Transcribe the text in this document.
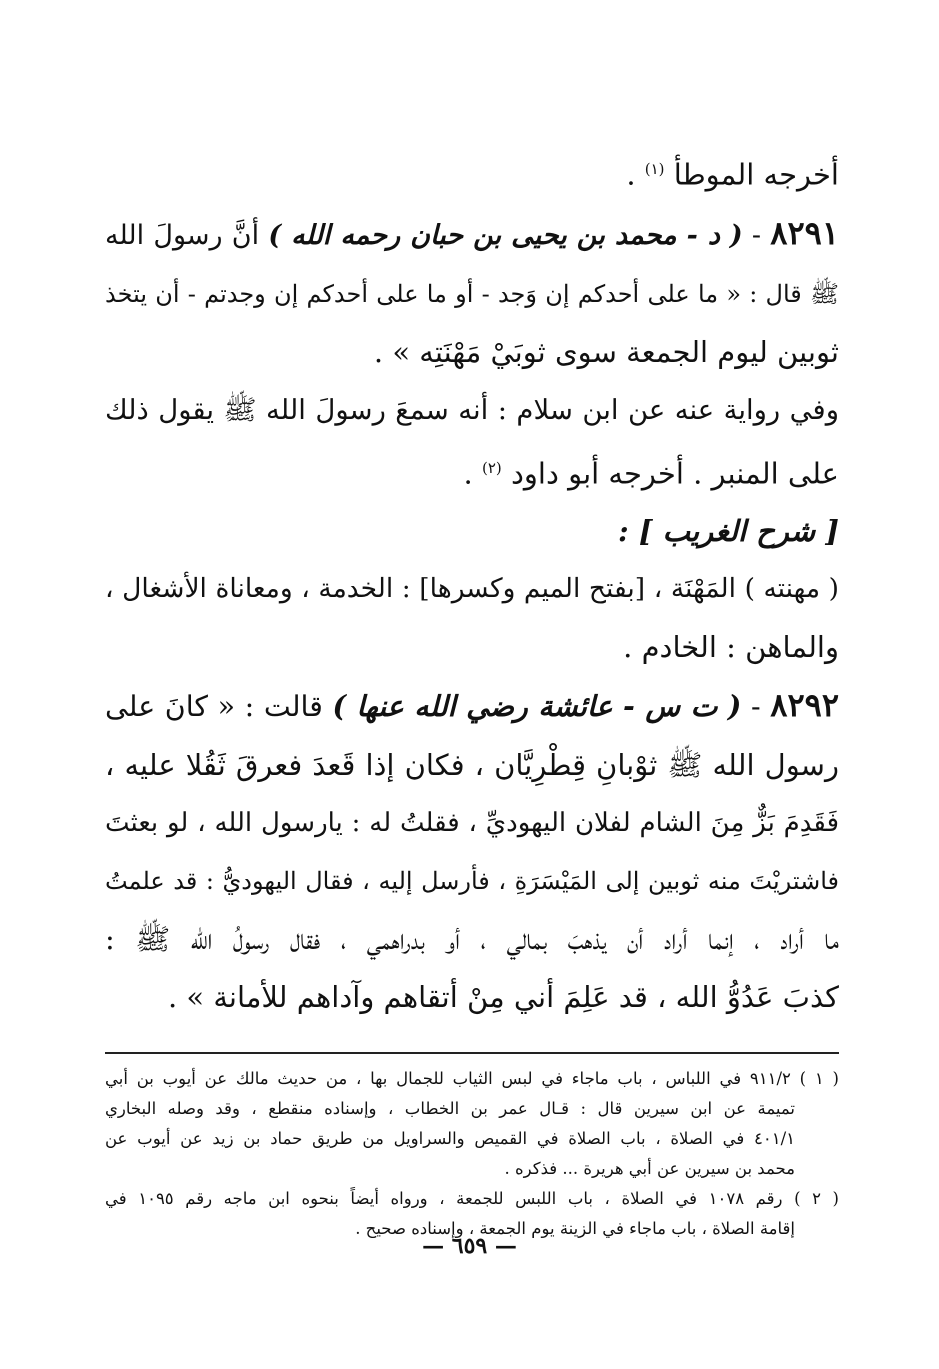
أخرجه الموطأ $^{(١)}$ .
٨٢٩١ - ( د - محمد بن يحيى بن حبان رحمه الله ) أنَّ رسولَ الله
ﷺ قال : « ما على أحدكم إن وَجد - أو ما على أحدكم إن وجدتم - أن يتخذ
ثوبين ليوم الجمعة سوى ثوبَيْ مَهْنَتِه » .
وفي رواية عنه عن ابن سلام : أنه سمعَ رسولَ الله ﷺ يقول ذلك
على المنبر . أخرجه أبو داود $^{(٢)}$ .
[ شرح الغريب ] :
( مهنته ) المَهْنَة ، [بفتح الميم وكسرها] : الخدمة ، ومعاناة الأشغال ،
والماهن : الخادم .
٨٢٩٢ - ( ت س - عائشة رضي الله عنها ) قالت : « كانَ على
رسول الله ﷺ ثوْبانِ قِطْرِيَّان ، فكان إذا قَعدَ فعرقَ ثَقُلا عليه ،
فَقَدِمَ بَزٌّ مِنَ الشام لفلان اليهوديِّ ، فقلتُ له : يارسول الله ، لو بعثتَ
فاشتريْتَ منه ثوبين إلى المَيْسَرَةِ ، فأرسل إليه ، فقال اليهوديُّ : قد علمتُ
ما أراد ، إنما أراد أن يذهبَ بمالي ، أو بدراهمي ، فقال رسولُ الله ﷺ :
كذبَ عَدُوُّ الله ، قد عَلِمَ أني مِنْ أتقاهم وآداهم للأمانة » .
( ١ ) ٩١١/٢ في اللباس ، باب ماجاء في لبس الثياب للجمال بها ، من حديث مالك عن أيوب بن أبي
تميمة عن ابن سيرين قال : قـال عمر بن الخطاب ، وإسناده منقطع ، وقد وصله البخاري
٤٠١/١ في الصلاة ، باب الصلاة في القميص والسراويل من طريق حماد بن زيد عن أيوب عن
محمد بن سيرين عن أبي هريرة ... فذكره .
( ٢ ) رقم ١٠٧٨ في الصلاة ، باب اللبس للجمعة ، ورواه أيضاً بنحوه ابن ماجه رقم ١٠٩٥ في
إقامة الصلاة ، باب ماجاء في الزينة يوم الجمعة ، وإسناده صحيح .
— ٦٥٩ —
